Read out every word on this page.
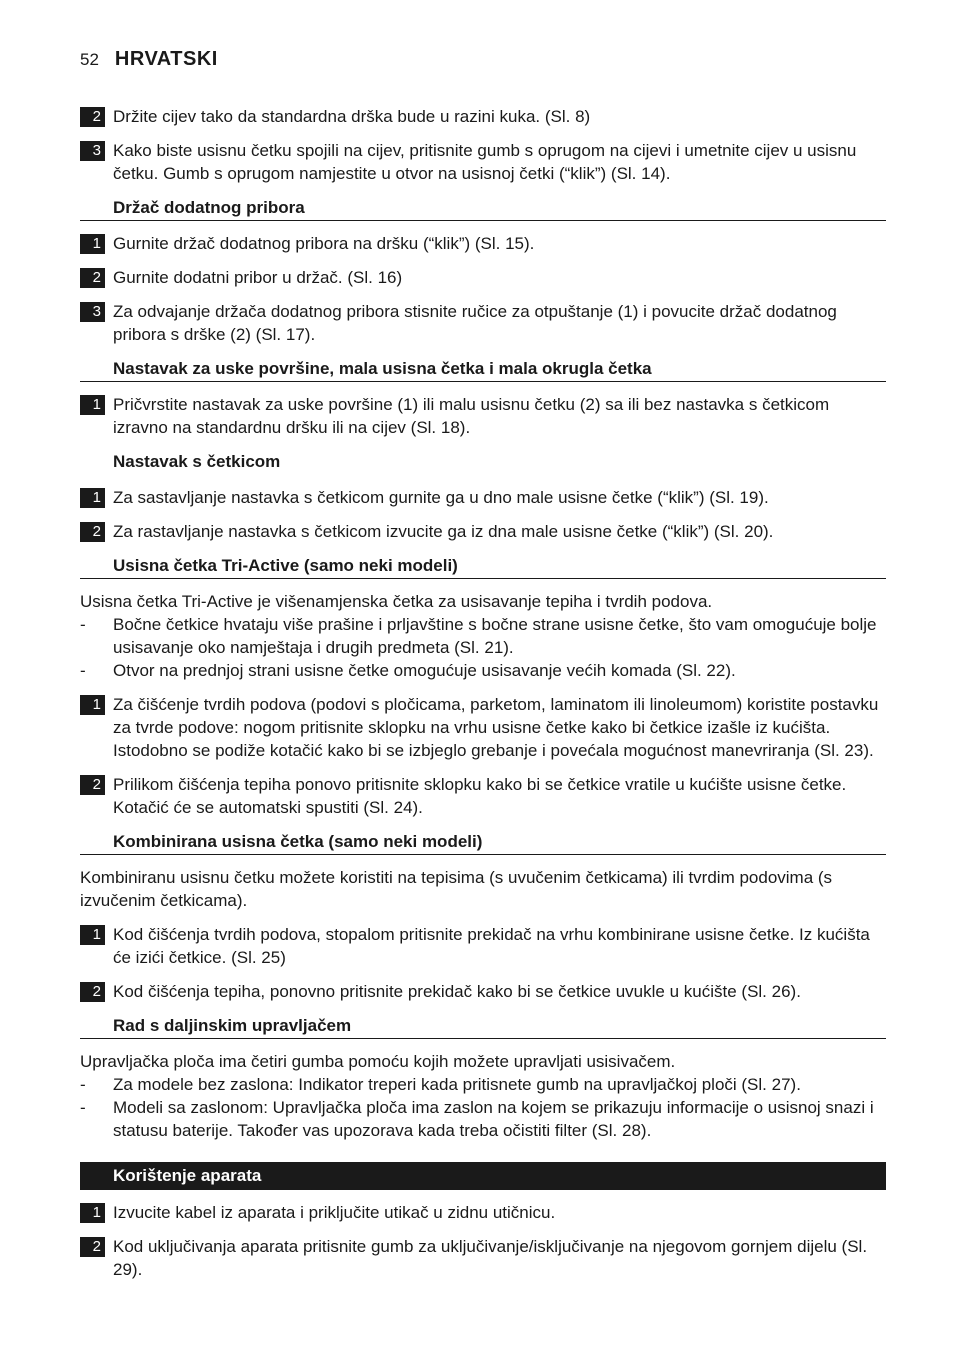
52 HRVATSKI
2 Držite cijev tako da standardna drška bude u razini kuka. (Sl. 8)
3 Kako biste usisnu četku spojili na cijev, pritisnite gumb s oprugom na cijevi i umetnite cijev u usisnu četku. Gumb s oprugom namjestite u otvor na usisnoj četki (“klik”) (Sl. 14).
Držač dodatnog pribora
1 Gurnite držač dodatnog pribora na dršku (“klik”) (Sl. 15).
2 Gurnite dodatni pribor u držač. (Sl. 16)
3 Za odvajanje držača dodatnog pribora stisnite ručice za otpuštanje (1) i povucite držač dodatnog pribora s drške (2) (Sl. 17).
Nastavak za uske površine, mala usisna četka i mala okrugla četka
1 Pričvrstite nastavak za uske površine (1) ili malu usisnu četku (2) sa ili bez nastavka s četkicom izravno na standardnu dršku ili na cijev (Sl. 18).
Nastavak s četkicom
1 Za sastavljanje nastavka s četkicom gurnite ga u dno male usisne četke (“klik”) (Sl. 19).
2 Za rastavljanje nastavka s četkicom izvucite ga iz dna male usisne četke (“klik”) (Sl. 20).
Usisna četka Tri-Active (samo neki modeli)
Usisna četka Tri-Active je višenamjenska četka za usisavanje tepiha i tvrdih podova.
-	Bočne četkice hvataju više prašine i prljavštine s bočne strane usisne četke, što vam omogućuje bolje usisavanje oko namještaja i drugih predmeta (Sl. 21).
-	Otvor na prednjoj strani usisne četke omogućuje usisavanje većih komada (Sl. 22).
1 Za čišćenje tvrdih podova (podovi s pločicama, parketom, laminatom ili linoleumom) koristite postavku za tvrde podove: nogom pritisnite sklopku na vrhu usisne četke kako bi četkice izašle iz kućišta. Istodobno se podiže kotačić kako bi se izbjeglo grebanje i povećala mogućnost manevriranja (Sl. 23).
2 Prilikom čišćenja tepiha ponovo pritisnite sklopku kako bi se četkice vratile u kućište usisne četke. Kotačić će se automatski spustiti (Sl. 24).
Kombinirana usisna četka (samo neki modeli)
Kombiniranu usisnu četku možete koristiti na tepisima (s uvučenim četkicama) ili tvrdim podovima (s izvučenim četkicama).
1 Kod čišćenja tvrdih podova, stopalom pritisnite prekidač na vrhu kombinirane usisne četke. Iz kućišta će izići četkice. (Sl. 25)
2 Kod čišćenja tepiha, ponovno pritisnite prekidač kako bi se četkice uvukle u kućište (Sl. 26).
Rad s daljinskim upravljačem
Upravljačka ploča ima četiri gumba pomoću kojih možete upravljati usisivačem.
-	Za modele bez zaslona: Indikator treperi kada pritisnete gumb na upravljačkoj ploči (Sl. 27).
-	Modeli sa zaslonom: Upravljačka ploča ima zaslon na kojem se prikazuju informacije o usisnoj snazi i statusu baterije. Također vas upozorava kada treba očistiti filter (Sl. 28).
Korištenje aparata
1 Izvucite kabel iz aparata i priključite utikač u zidnu utičnicu.
2 Kod uključivanja aparata pritisnite gumb za uključivanje/isključivanje na njegovom gornjem dijelu (Sl. 29).
